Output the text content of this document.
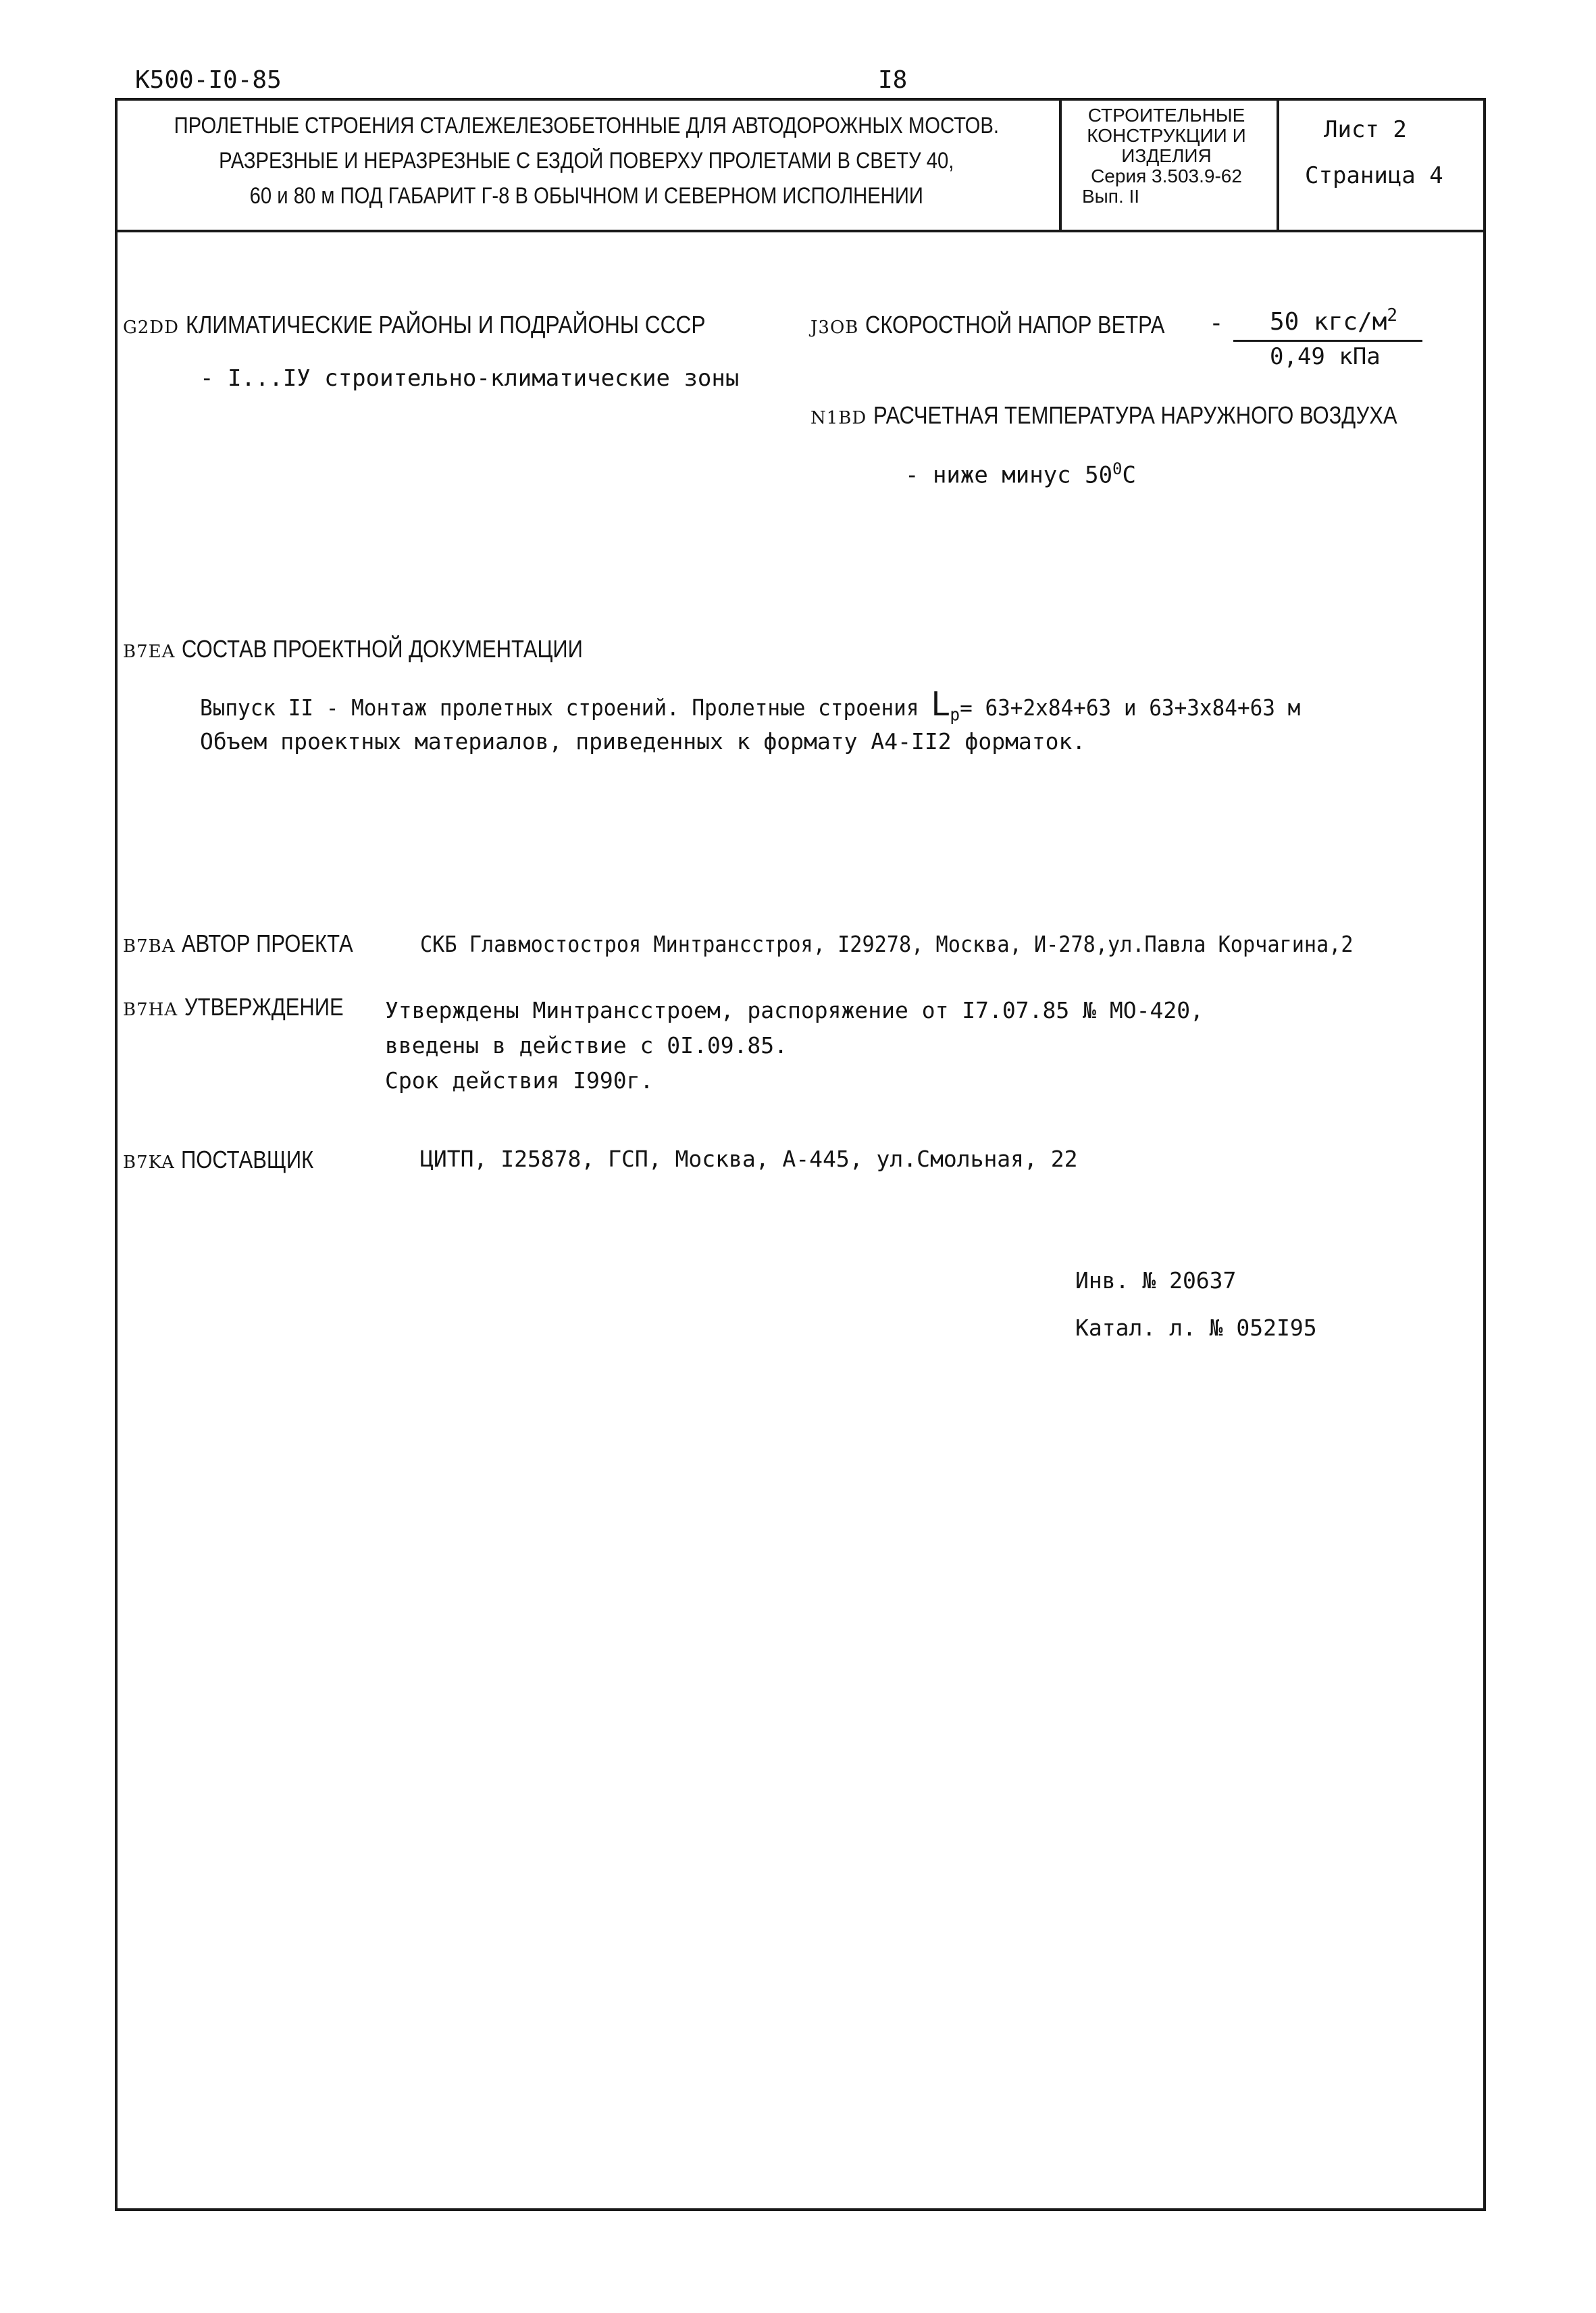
К500-I0-85	I8
ПРОЛЕТНЫЕ СТРОЕНИЯ СТАЛЕЖЕЛЕЗОБЕТОННЫЕ ДЛЯ АВТОДОРОЖНЫХ МОСТОВ.
РАЗРЕЗНЫЕ И НЕРАЗРЕЗНЫЕ С ЕЗДОЙ ПОВЕРХУ ПРОЛЕТАМИ В СВЕТУ 40,
60 и 80 м ПОД ГАБАРИТ Г-8 В ОБЫЧНОМ И СЕВЕРНОМ ИСПОЛНЕНИИ
СТРОИТЕЛЬНЫЕ
КОНСТРУКЦИИ И
ИЗДЕЛИЯ
Серия 3.503.9-62
Вып. II
Лист 2
Страница 4
G2DD КЛИМАТИЧЕСКИЕ РАЙОНЫ И ПОДРАЙОНЫ СССР
- I...IУ строительно-климатические зоны
J3OB СКОРОСТНОЙ НАПОР ВЕТРА	- 50 кгс/$м^2$
0,49 кПа
N1BD РАСЧЕТНАЯ ТЕМПЕРАТУРА НАРУЖНОГО ВОЗДУХА
- ниже минус $50^0С$
B7EA СОСТАВ ПРОЕКТНОЙ ДОКУМЕНТАЦИИ
Выпуск II - Монтаж пролетных строений. Пролетные строения $L_р= 63+2х84+63$ и 63+3х84+63 м
Объем проектных материалов, приведенных к формату А4-II2 форматок.
B7BA АВТОР ПРОЕКТА	СКБ Главмостостроя Минтрансстроя, I29278, Москва, И-278,ул.Павла Корчагина,2
B7HA УТВЕРЖДЕНИЕ	Утверждены Минтрансстроем, распоряжение от I7.07.85 № МО-420,
введены в действие с 0I.09.85.
Срок действия I990г.
B7KA ПОСТАВЩИК	ЦИТП, I25878, ГСП, Москва, А-445, ул.Смольная, 22
Инв. № 20637
Катал. л. № 052I95
